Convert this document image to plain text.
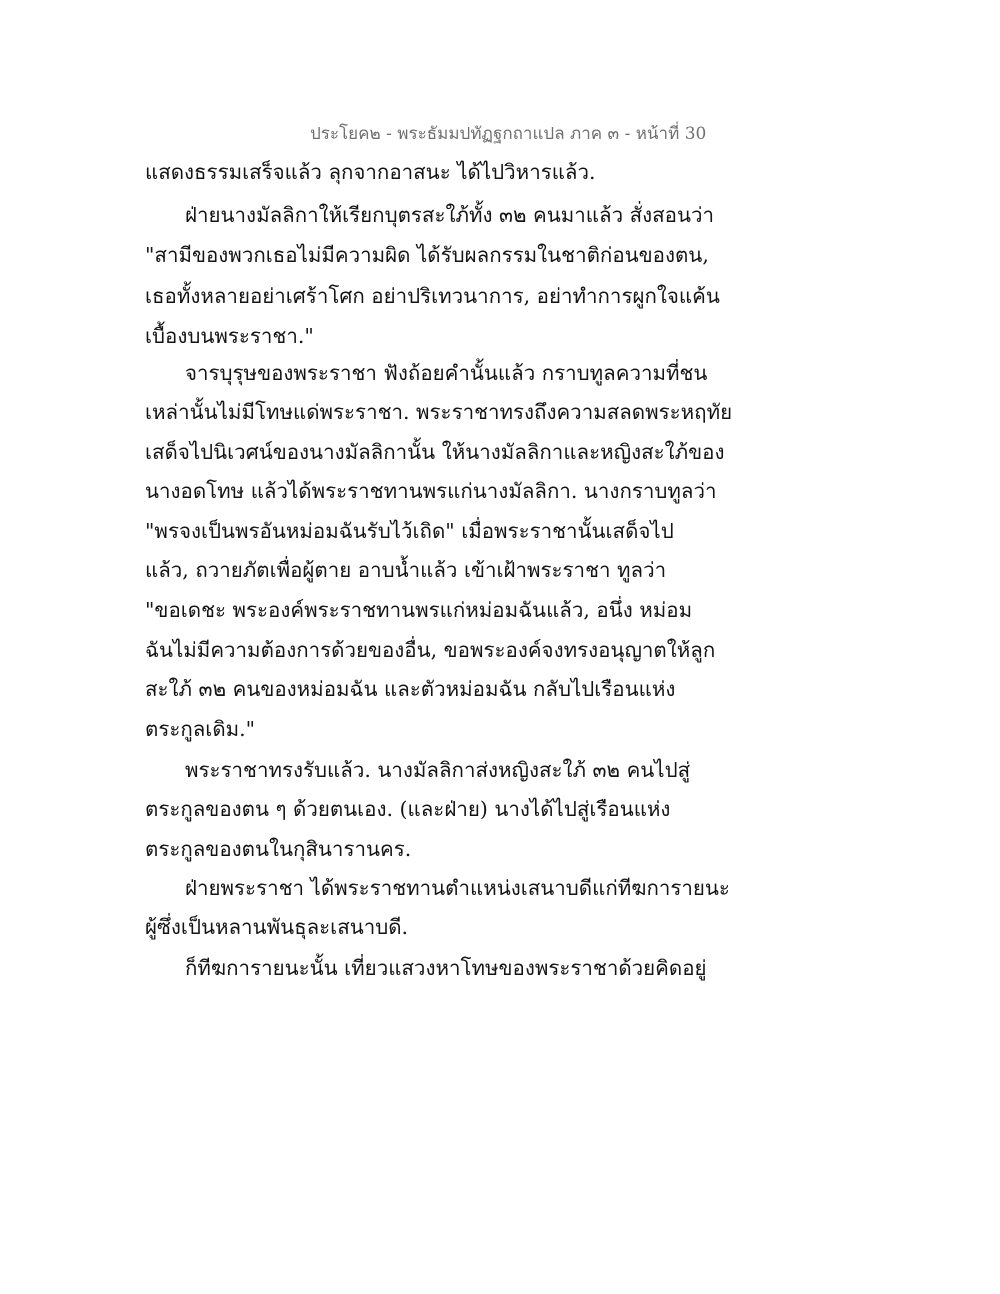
ประโยค๒ - พระธัมมปทัฏฐกถาแปล ภาค ๓ - หน้าที่ 30
แสดงธรรมเสร็จแล้ว ลุกจากอาสนะ ได้ไปวิหารแล้ว.
ฝ่ายนางมัลลิกาให้เรียกบุตรสะใภ้ทั้ง ๓๒ คนมาแล้ว สั่งสอนว่า
"สามีของพวกเธอไม่มีความผิด ได้รับผลกรรมในชาติก่อนของตน,
เธอทั้งหลายอย่าเศร้าโศก อย่าปริเทวนาการ, อย่าทำการผูกใจแค้น
เบื้องบนพระราชา."
จารบุรุษของพระราชา ฟังถ้อยคำนั้นแล้ว กราบทูลความที่ชน
เหล่านั้นไม่มีโทษแด่พระราชา. พระราชาทรงถึงความสลดพระหฤทัย
เสด็จไปนิเวศน์ของนางมัลลิกานั้น ให้นางมัลลิกาและหญิงสะใภ้ของ
นางอดโทษ แล้วได้พระราชทานพรแก่นางมัลลิกา. นางกราบทูลว่า
"พรจงเป็นพรอันหม่อมฉันรับไว้เถิด" เมื่อพระราชานั้นเสด็จไป
แล้ว, ถวายภัตเพื่อผู้ตาย อาบน้ำแล้ว เข้าเฝ้าพระราชา ทูลว่า
"ขอเดชะ พระองค์พระราชทานพรแก่หม่อมฉันแล้ว, อนึ่ง หม่อม
ฉันไม่มีความต้องการด้วยของอื่น, ขอพระองค์จงทรงอนุญาตให้ลูก
สะใภ้ ๓๒ คนของหม่อมฉัน และตัวหม่อมฉัน กลับไปเรือนแห่ง
ตระกูลเดิม."
พระราชาทรงรับแล้ว. นางมัลลิกาส่งหญิงสะใภ้ ๓๒ คนไปสู่
ตระกูลของตน ๆ ด้วยตนเอง. (และฝ่าย) นางได้ไปสู่เรือนแห่ง
ตระกูลของตนในกุสินารานคร.
ฝ่ายพระราชา ได้พระราชทานตำแหน่งเสนาบดีแก่ทีฆการายนะ
ผู้ซึ่งเป็นหลานพันธุละเสนาบดี.
ก็ทีฆการายนะนั้น เที่ยวแสวงหาโทษของพระราชาด้วยคิดอยู่
